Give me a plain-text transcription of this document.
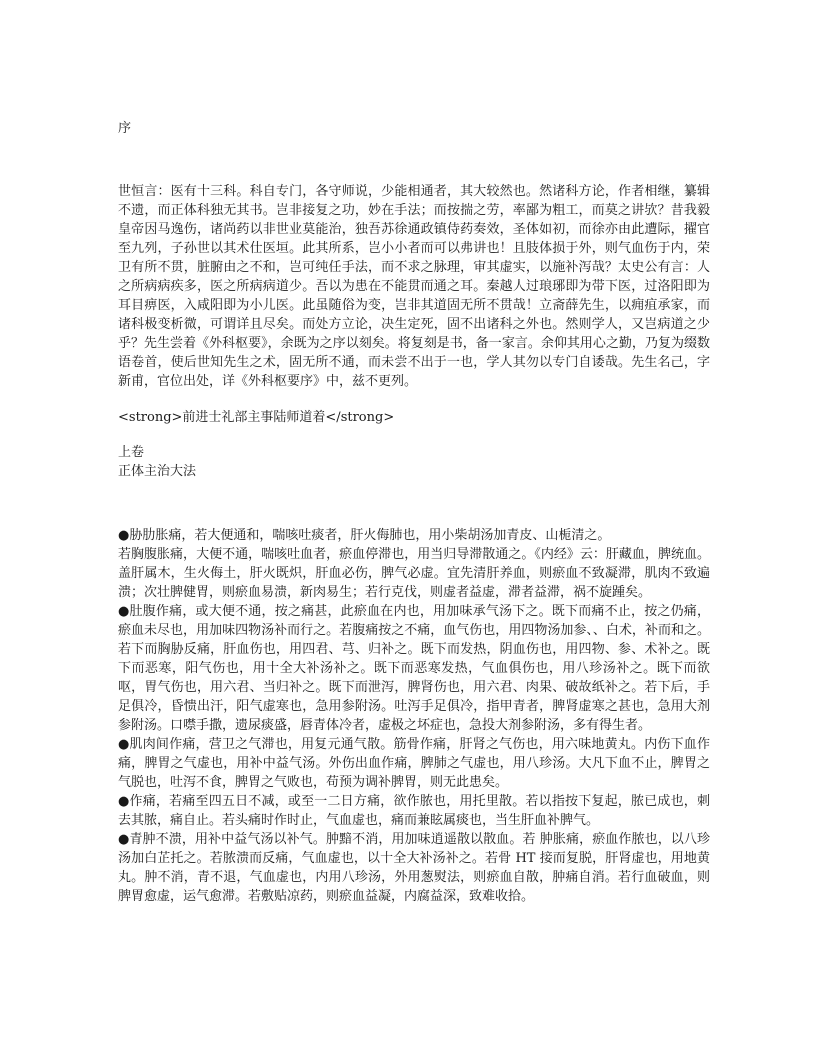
序

世恒言：医有十三科。科自专门，各守师说，少能相通者，其大较然也。然诸科方论，作者相继，纂辑不遗，而正体科独无其书。岂非接复之功，妙在手法；而按揣之劳，率鄙为粗工，而莫之讲欤？昔我毅皇帝因马逸伤，诸尚药以非世业莫能治，独吾苏徐通政镇侍药奏效，圣体如初，而徐亦由此遭际，擢官至九列，子孙世以其术仕医垣。此其所系，岂小小者而可以弗讲也！且肢体损于外，则气血伤于内，荣卫有所不贯，脏腑由之不和，岂可纯任手法，而不求之脉理，审其虚实，以施补泻哉？太史公有言：人之所病病疾多，医之所病病道少。吾以为患在不能贯而通之耳。秦越人过琅琊即为带下医，过洛阳即为耳目痹医，入咸阳即为小儿医。此虽随俗为变，岂非其道固无所不贯哉！立斋薛先生，以痈疽承家，而诸科极变析微，可谓详且尽矣。而处方立论，决生定死，固不出诸科之外也。然则学人，又岂病道之少乎？先生尝着《外科枢要》，余既为之序以刻矣。将复刻是书，备一家言。余仰其用心之勤，乃复为缀数语卷首，使后世知先生之术，固无所不通，而未尝不出于一也，学人其勿以专门自诿哉。先生名己，字新甫，官位出处，详《外科枢要序》中，兹不更列。

<strong>前进士礼部主事陆师道着</strong>
上卷
正体主治大法

●胁肋胀痛，若大便通和，喘咳吐痰者，肝火侮肺也，用小柴胡汤加青皮、山栀清之。

若胸腹胀痛，大便不通，喘咳吐血者，瘀血停滞也，用当归导滞散通之。《内经》云：肝藏血，脾统血。盖肝属木，生火侮土，肝火既炽，肝血必伤，脾气必虚。宜先清肝养血，则瘀血不致凝滞，肌肉不致遍溃；次壮脾健胃，则瘀血易溃，新肉易生；若行克伐，则虚者益虚，滞者益滞，祸不旋踵矣。

●肚腹作痛，或大便不通，按之痛甚，此瘀血在内也，用加味承气汤下之。既下而痛不止，按之仍痛，瘀血未尽也，用加味四物汤补而行之。若腹痛按之不痛，血气伤也，用四物汤加参、、白术，补而和之。若下而胸胁反痛，肝血伤也，用四君、芎、归补之。既下而发热，阴血伤也，用四物、参、术补之。既下而恶寒，阳气伤也，用十全大补汤补之。既下而恶寒发热，气血俱伤也，用八珍汤补之。既下而欲呕，胃气伤也，用六君、当归补之。既下而泄泻，脾肾伤也，用六君、肉果、破故纸补之。若下后，手足俱冷，昏愦出汗，阳气虚寒也，急用参附汤。吐泻手足俱冷，指甲青者，脾肾虚寒之甚也，急用大剂参附汤。口噤手撒，遗尿痰盛，唇青体冷者，虚极之坏症也，急投大剂参附汤，多有得生者。

●肌肉间作痛，营卫之气滞也，用复元通气散。筋骨作痛，肝肾之气伤也，用六味地黄丸。内伤下血作痛，脾胃之气虚也，用补中益气汤。外伤出血作痛，脾肺之气虚也，用八珍汤。大凡下血不止，脾胃之气脱也，吐泻不食，脾胃之气败也，苟预为调补脾胃，则无此患矣。

●作痛，若痛至四五日不减，或至一二日方痛，欲作脓也，用托里散。若以指按下复起，脓已成也，刺去其脓，痛自止。若头痛时作时止，气血虚也，痛而兼眩属痰也，当生肝血补脾气。

●青肿不溃，用补中益气汤以补气。肿黯不消，用加味逍遥散以散血。若 肿胀痛，瘀血作脓也，以八珍汤加白芷托之。若脓溃而反痛，气血虚也，以十全大补汤补之。若骨 HT 接而复脱，肝肾虚也，用地黄丸。肿不消，青不退，气血虚也，内用八珍汤，外用葱熨法，则瘀血自散，肿痛自消。若行血破血，则脾胃愈虚，运气愈滞。若敷贴凉药，则瘀血益凝，内腐益深，致难收拾。
